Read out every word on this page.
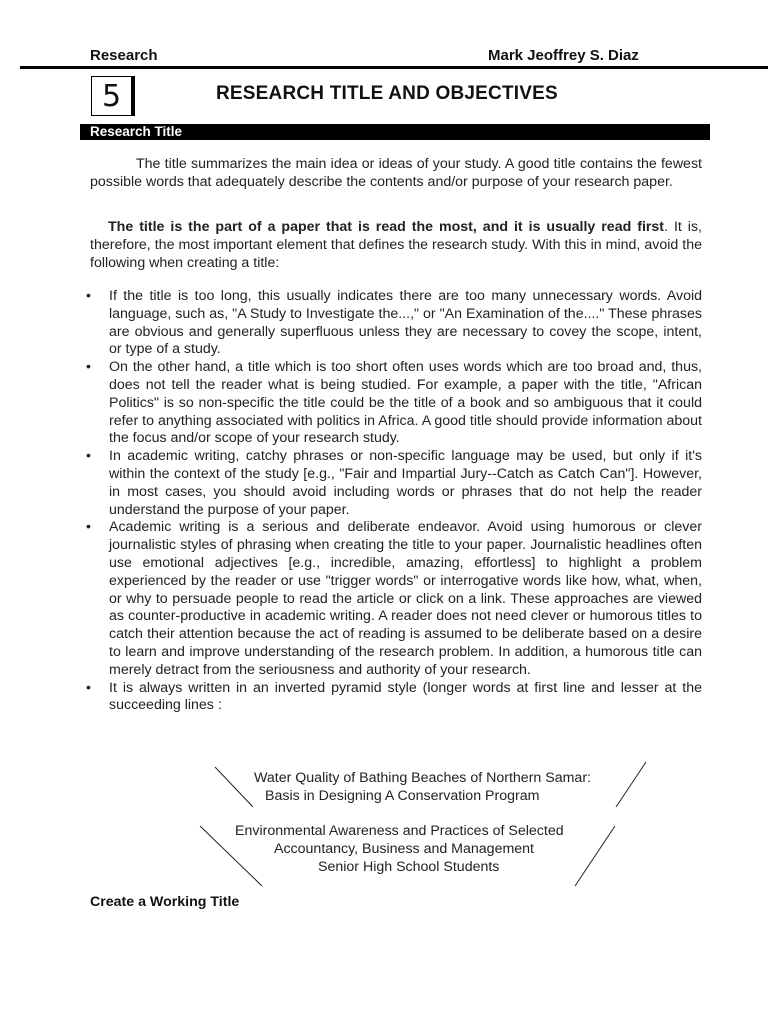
Research	Mark Jeoffrey S. Diaz
5	RESEARCH TITLE AND OBJECTIVES
Research Title
The title summarizes the main idea or ideas of your study. A good title contains the fewest possible words that adequately describe the contents and/or purpose of your research paper.
The title is the part of a paper that is read the most, and it is usually read first. It is, therefore, the most important element that defines the research study. With this in mind, avoid the following when creating a title:
• If the title is too long, this usually indicates there are too many unnecessary words. Avoid language, such as, "A Study to Investigate the...," or "An Examination of the...." These phrases are obvious and generally superfluous unless they are necessary to covey the scope, intent, or type of a study.
• On the other hand, a title which is too short often uses words which are too broad and, thus, does not tell the reader what is being studied. For example, a paper with the title, "African Politics" is so non-specific the title could be the title of a book and so ambiguous that it could refer to anything associated with politics in Africa. A good title should provide information about the focus and/or scope of your research study.
• In academic writing, catchy phrases or non-specific language may be used, but only if it's within the context of the study [e.g., "Fair and Impartial Jury--Catch as Catch Can"]. However, in most cases, you should avoid including words or phrases that do not help the reader understand the purpose of your paper.
• Academic writing is a serious and deliberate endeavor. Avoid using humorous or clever journalistic styles of phrasing when creating the title to your paper. Journalistic headlines often use emotional adjectives [e.g., incredible, amazing, effortless] to highlight a problem experienced by the reader or use "trigger words" or interrogative words like how, what, when, or why to persuade people to read the article or click on a link. These approaches are viewed as counter-productive in academic writing. A reader does not need clever or humorous titles to catch their attention because the act of reading is assumed to be deliberate based on a desire to learn and improve understanding of the research problem. In addition, a humorous title can merely detract from the seriousness and authority of your research.
• It is always written in an inverted pyramid style (longer words at first line and lesser at the succeeding lines :
Water Quality of Bathing Beaches of Northern Samar:
Basis in Designing A Conservation Program
Environmental Awareness and Practices of Selected
Accountancy, Business and Management
Senior High School Students
Create a Working Title
